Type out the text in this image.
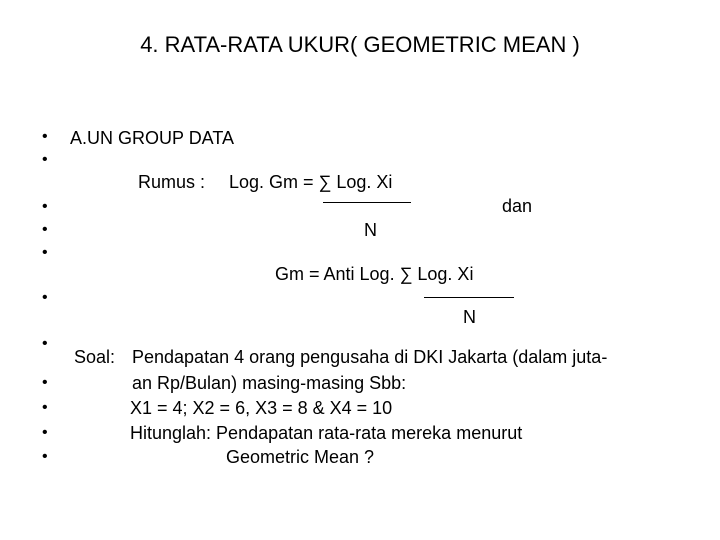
4. RATA-RATA UKUR( GEOMETRIC MEAN )
•
•
•
•
•
•
•
•
•
•
•
A.UN GROUP DATA
Rumus : Log. Gm = ∑ Log. Xi
N
dan
Gm = Anti Log. ∑ Log. Xi
N
Soal: Pendapatan 4 orang pengusaha di DKI Jakarta (dalam juta-
an Rp/Bulan) masing-masing Sbb:
X1 = 4; X2 = 6, X3 = 8 & X4 = 10
Hitunglah: Pendapatan rata-rata mereka menurut
Geometric Mean ?
